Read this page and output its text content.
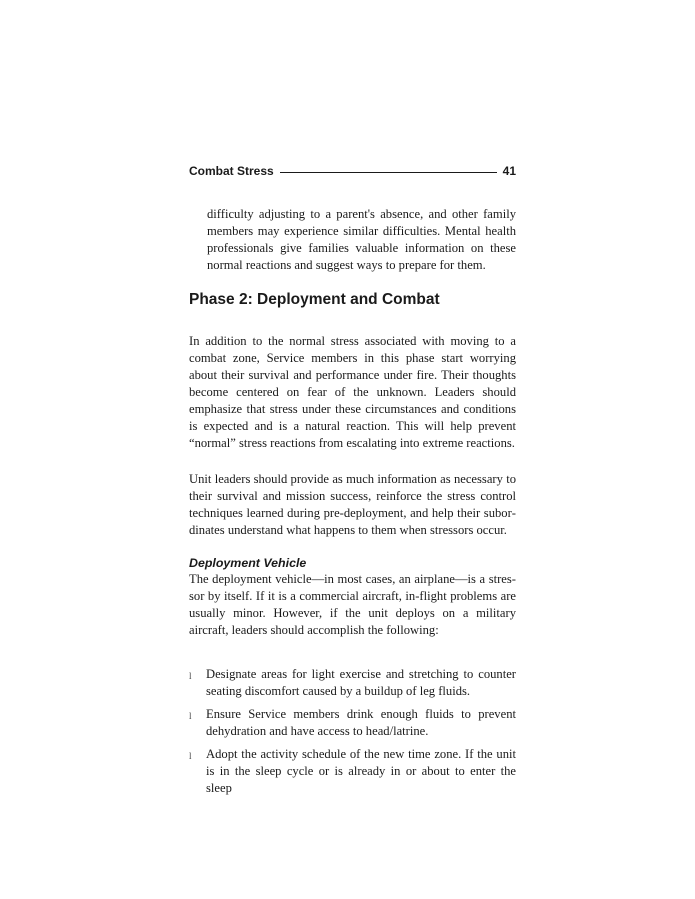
Combat Stress	41

difficulty adjusting to a parent's absence, and other family members may experience similar difficulties. Mental health professionals give families valuable information on these normal reactions and suggest ways to prepare for them.

Phase 2: Deployment and Combat

In addition to the normal stress associated with moving to a combat zone, Service members in this phase start worrying about their survival and performance under fire. Their thoughts become centered on fear of the unknown. Leaders should emphasize that stress under these circumstances and conditions is expected and is a natural reaction. This will help prevent “normal” stress reactions from escalating into extreme reactions.

Unit leaders should provide as much information as necessary to their survival and mission success, reinforce the stress control techniques learned during pre-deployment, and help their subordinates understand what happens to them when stressors occur.

Deployment Vehicle

The deployment vehicle—in most cases, an airplane—is a stressor by itself. If it is a commercial aircraft, in-flight problems are usually minor. However, if the unit deploys on a military aircraft, leaders should accomplish the following:

l	Designate areas for light exercise and stretching to counter seating discomfort caused by a buildup of leg fluids.

l	Ensure Service members drink enough fluids to prevent dehydration and have access to head/latrine.

l	Adopt the activity schedule of the new time zone. If the unit is in the sleep cycle or is already in or about to enter the sleep
